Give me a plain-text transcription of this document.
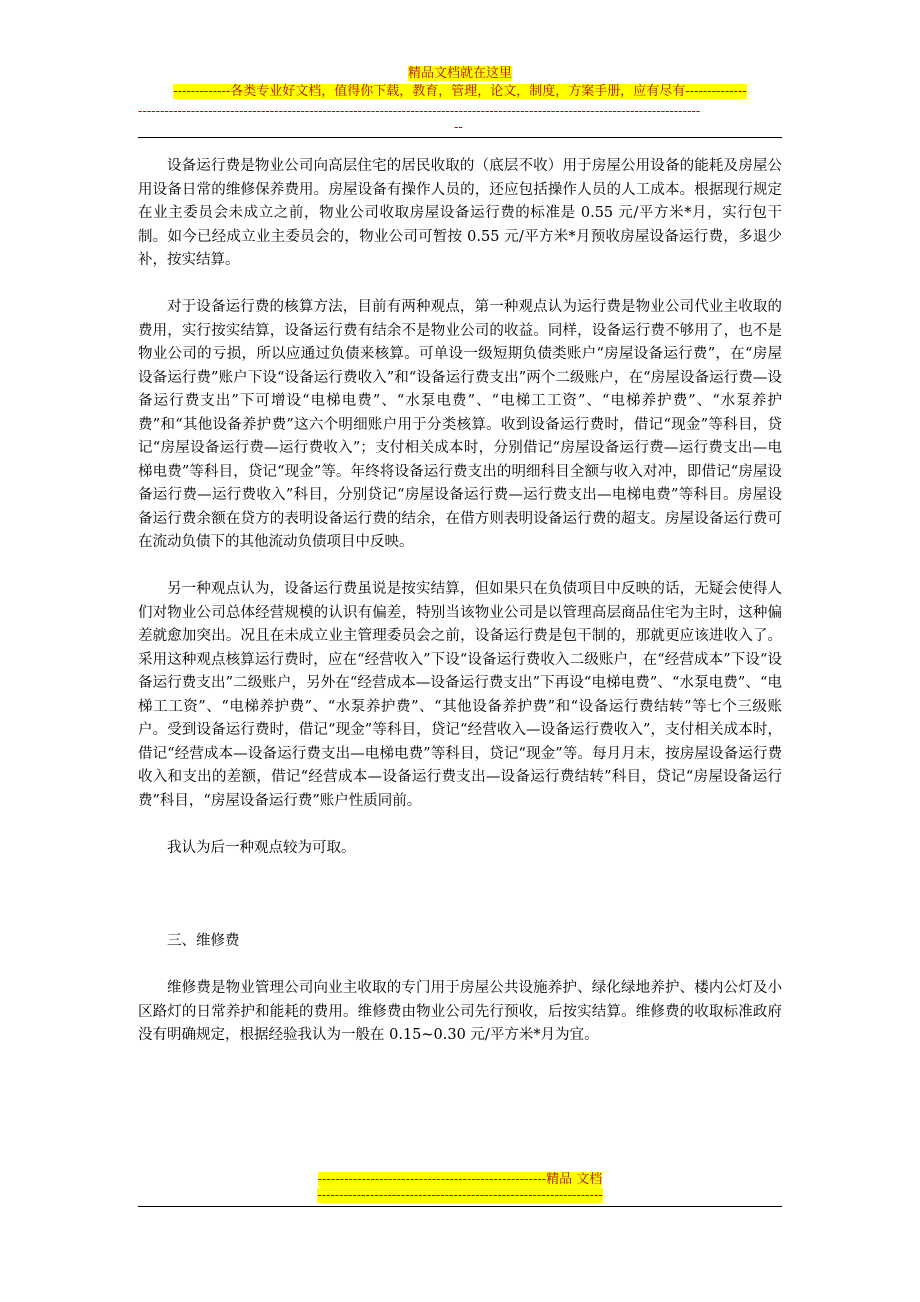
精品文档就在这里
-------------各类专业好文档，值得你下载，教育，管理，论文，制度，方案手册，应有尽有--------------
--------------------------------------------------------------------------------------------------------------------------------
--

设备运行费是物业公司向高层住宅的居民收取的（底层不收）用于房屋公用设备的能耗及房屋公用设备日常的维修保养费用。房屋设备有操作人员的，还应包括操作人员的人工成本。根据现行规定在业主委员会未成立之前，物业公司收取房屋设备运行费的标准是 0.55 元/平方米*月，实行包干制。如今已经成立业主委员会的，物业公司可暂按 0.55 元/平方米*月预收房屋设备运行费，多退少补，按实结算。

对于设备运行费的核算方法，目前有两种观点，第一种观点认为运行费是物业公司代业主收取的费用，实行按实结算，设备运行费有结余不是物业公司的收益。同样，设备运行费不够用了，也不是物业公司的亏损，所以应通过负债来核算。可单设一级短期负债类账户“房屋设备运行费”，在“房屋设备运行费”账户下设“设备运行费收入”和“设备运行费支出”两个二级账户，在“房屋设备运行费—设备运行费支出”下可增设“电梯电费”、“水泵电费”、“电梯工工资”、“电梯养护费”、“水泵养护费”和“其他设备养护费”这六个明细账户用于分类核算。收到设备运行费时，借记“现金”等科目，贷记“房屋设备运行费—运行费收入”；支付相关成本时，分别借记“房屋设备运行费—运行费支出—电梯电费”等科目，贷记“现金”等。年终将设备运行费支出的明细科目全额与收入对冲，即借记“房屋设备运行费—运行费收入”科目，分别贷记“房屋设备运行费—运行费支出—电梯电费”等科目。房屋设备运行费余额在贷方的表明设备运行费的结余，在借方则表明设备运行费的超支。房屋设备运行费可在流动负债下的其他流动负债项目中反映。

另一种观点认为，设备运行费虽说是按实结算，但如果只在负债项目中反映的话，无疑会使得人们对物业公司总体经营规模的认识有偏差，特别当该物业公司是以管理高层商品住宅为主时，这种偏差就愈加突出。况且在未成立业主管理委员会之前，设备运行费是包干制的，那就更应该进收入了。采用这种观点核算运行费时，应在“经营收入”下设“设备运行费收入二级账户，在“经营成本”下设“设备运行费支出”二级账户，另外在“经营成本—设备运行费支出”下再设“电梯电费”、“水泵电费”、“电梯工工资”、“电梯养护费”、“水泵养护费”、“其他设备养护费”和“设备运行费结转”等七个三级账户。受到设备运行费时，借记“现金”等科目，贷记“经营收入—设备运行费收入”，支付相关成本时，借记“经营成本—设备运行费支出—电梯电费”等科目，贷记“现金”等。每月月末，按房屋设备运行费收入和支出的差额，借记“经营成本—设备运行费支出—设备运行费结转”科目，贷记“房屋设备运行费”科目，“房屋设备运行费”账户性质同前。

我认为后一种观点较为可取。

三、维修费

维修费是物业管理公司向业主收取的专门用于房屋公共设施养护、绿化绿地养护、楼内公灯及小区路灯的日常养护和能耗的费用。维修费由物业公司先行预收，后按实结算。维修费的收取标准政府没有明确规定，根据经验我认为一般在 0.15~0.30 元/平方米*月为宜。

----------------------------------------------------精品 文档
-----------------------------------------------------------------
